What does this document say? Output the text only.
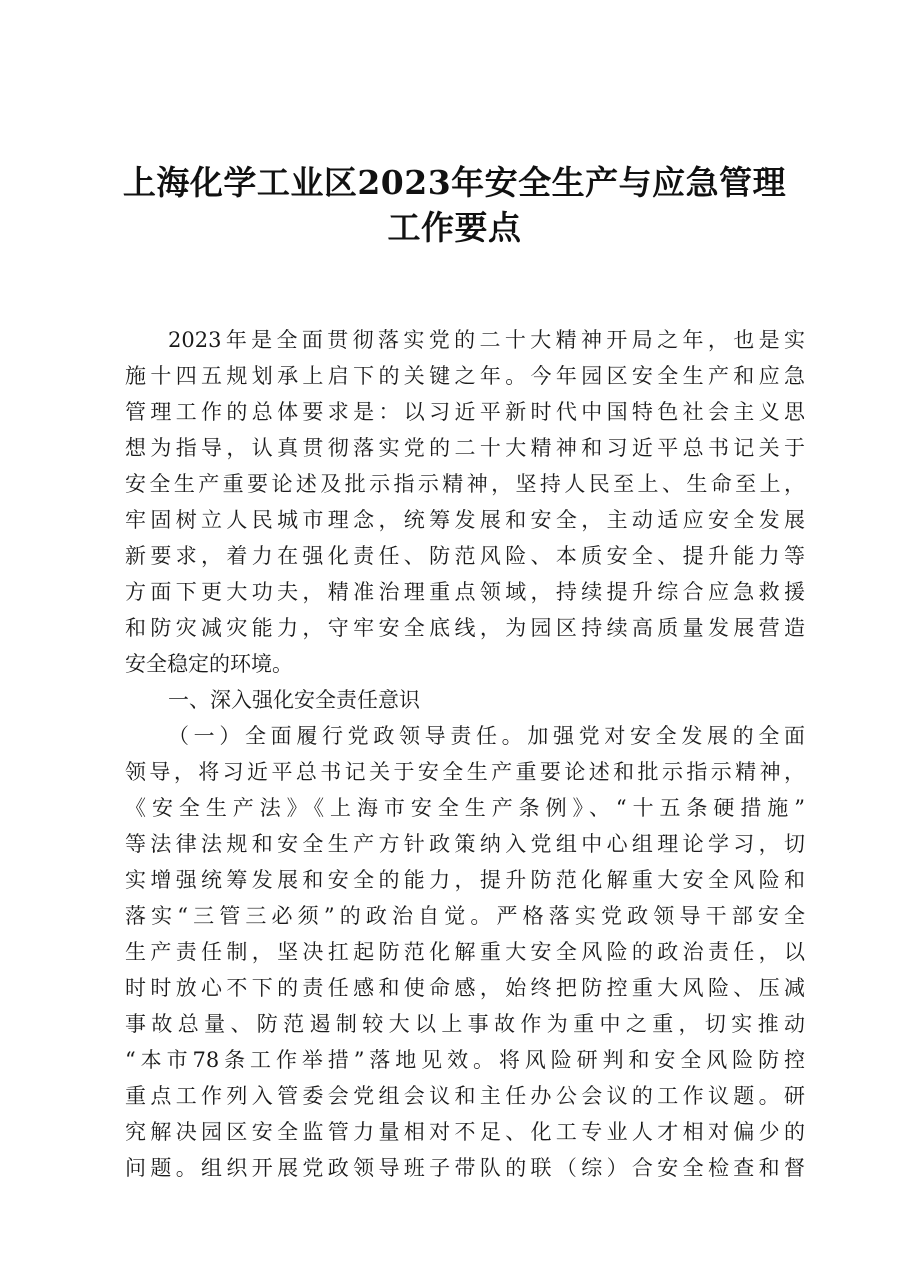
上海化学工业区2023年安全生产与应急管理
工作要点
2023年是全面贯彻落实党的二十大精神开局之年，也是实
施十四五规划承上启下的关键之年。今年园区安全生产和应急
管理工作的总体要求是：以习近平新时代中国特色社会主义思
想为指导，认真贯彻落实党的二十大精神和习近平总书记关于
安全生产重要论述及批示指示精神，坚持人民至上、生命至上，
牢固树立人民城市理念，统筹发展和安全，主动适应安全发展
新要求，着力在强化责任、防范风险、本质安全、提升能力等
方面下更大功夫，精准治理重点领域，持续提升综合应急救援
和防灾减灾能力，守牢安全底线，为园区持续高质量发展营造
安全稳定的环境。
一、深入强化安全责任意识
（一）全面履行党政领导责任。加强党对安全发展的全面
领导，将习近平总书记关于安全生产重要论述和批示指示精神，
《安全生产法》《上海市安全生产条例》、“十五条硬措施”
等法律法规和安全生产方针政策纳入党组中心组理论学习，切
实增强统筹发展和安全的能力，提升防范化解重大安全风险和
落实“三管三必须”的政治自觉。严格落实党政领导干部安全
生产责任制，坚决扛起防范化解重大安全风险的政治责任，以
时时放心不下的责任感和使命感，始终把防控重大风险、压减
事故总量、防范遏制较大以上事故作为重中之重，切实推动
“本市78条工作举措”落地见效。将风险研判和安全风险防控
重点工作列入管委会党组会议和主任办公会议的工作议题。研
究解决园区安全监管力量相对不足、化工专业人才相对偏少的
问题。组织开展党政领导班子带队的联（综）合安全检查和督
